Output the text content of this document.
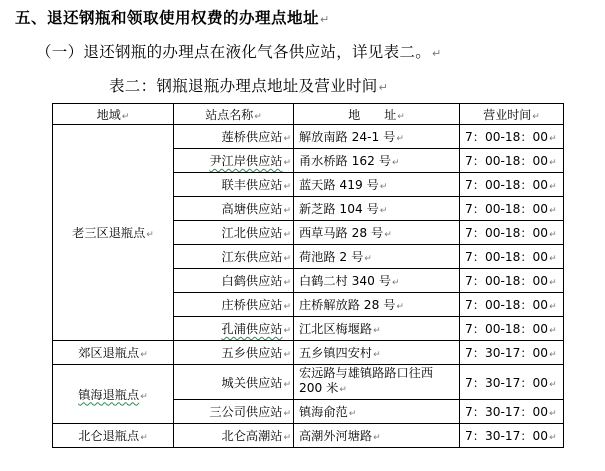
五、退还钢瓶和领取使用权费的办理点地址↵
（一）退还钢瓶的办理点在液化气各供应站，详见表二。↵
表二：钢瓶退瓶办理点地址及营业时间↵
地域↵	站点名称↵	地　　址↵	营业时间↵
老三区退瓶点↵	莲桥供应站↵	解放南路 24-1 号↵	7：00-18：00↵
	尹江岸供应站↵	甬水桥路 162 号↵	7：00-18：00↵
	联丰供应站↵	蓝天路 419 号↵	7：00-18：00↵
	高塘供应站↵	新芝路 104 号↵	7：00-18：00↵
	江北供应站↵	西草马路 28 号↵	7：00-18：00↵
	江东供应站↵	荷池路 2 号↵	7：00-18：00↵
	白鹤供应站↵	白鹤二村 340 号↵	7：00-18：00↵
	庄桥供应站↵	庄桥解放路 28 号↵	7：00-18：00↵
	孔浦供应站↵	江北区梅堰路↵	7：00-18：00↵
郊区退瓶点↵	五乡供应站↵	五乡镇四安村↵	7：30-17：00↵
镇海退瓶点↵	城关供应站↵	宏远路与雄镇路路口往西 200 米↵	7：30-17：00↵
	三公司供应站↵	镇海俞范↵	7：30-17：00↵
北仑退瓶点↵	北仑高潮站↵	高潮外河塘路↵	7：30-17：00↵
